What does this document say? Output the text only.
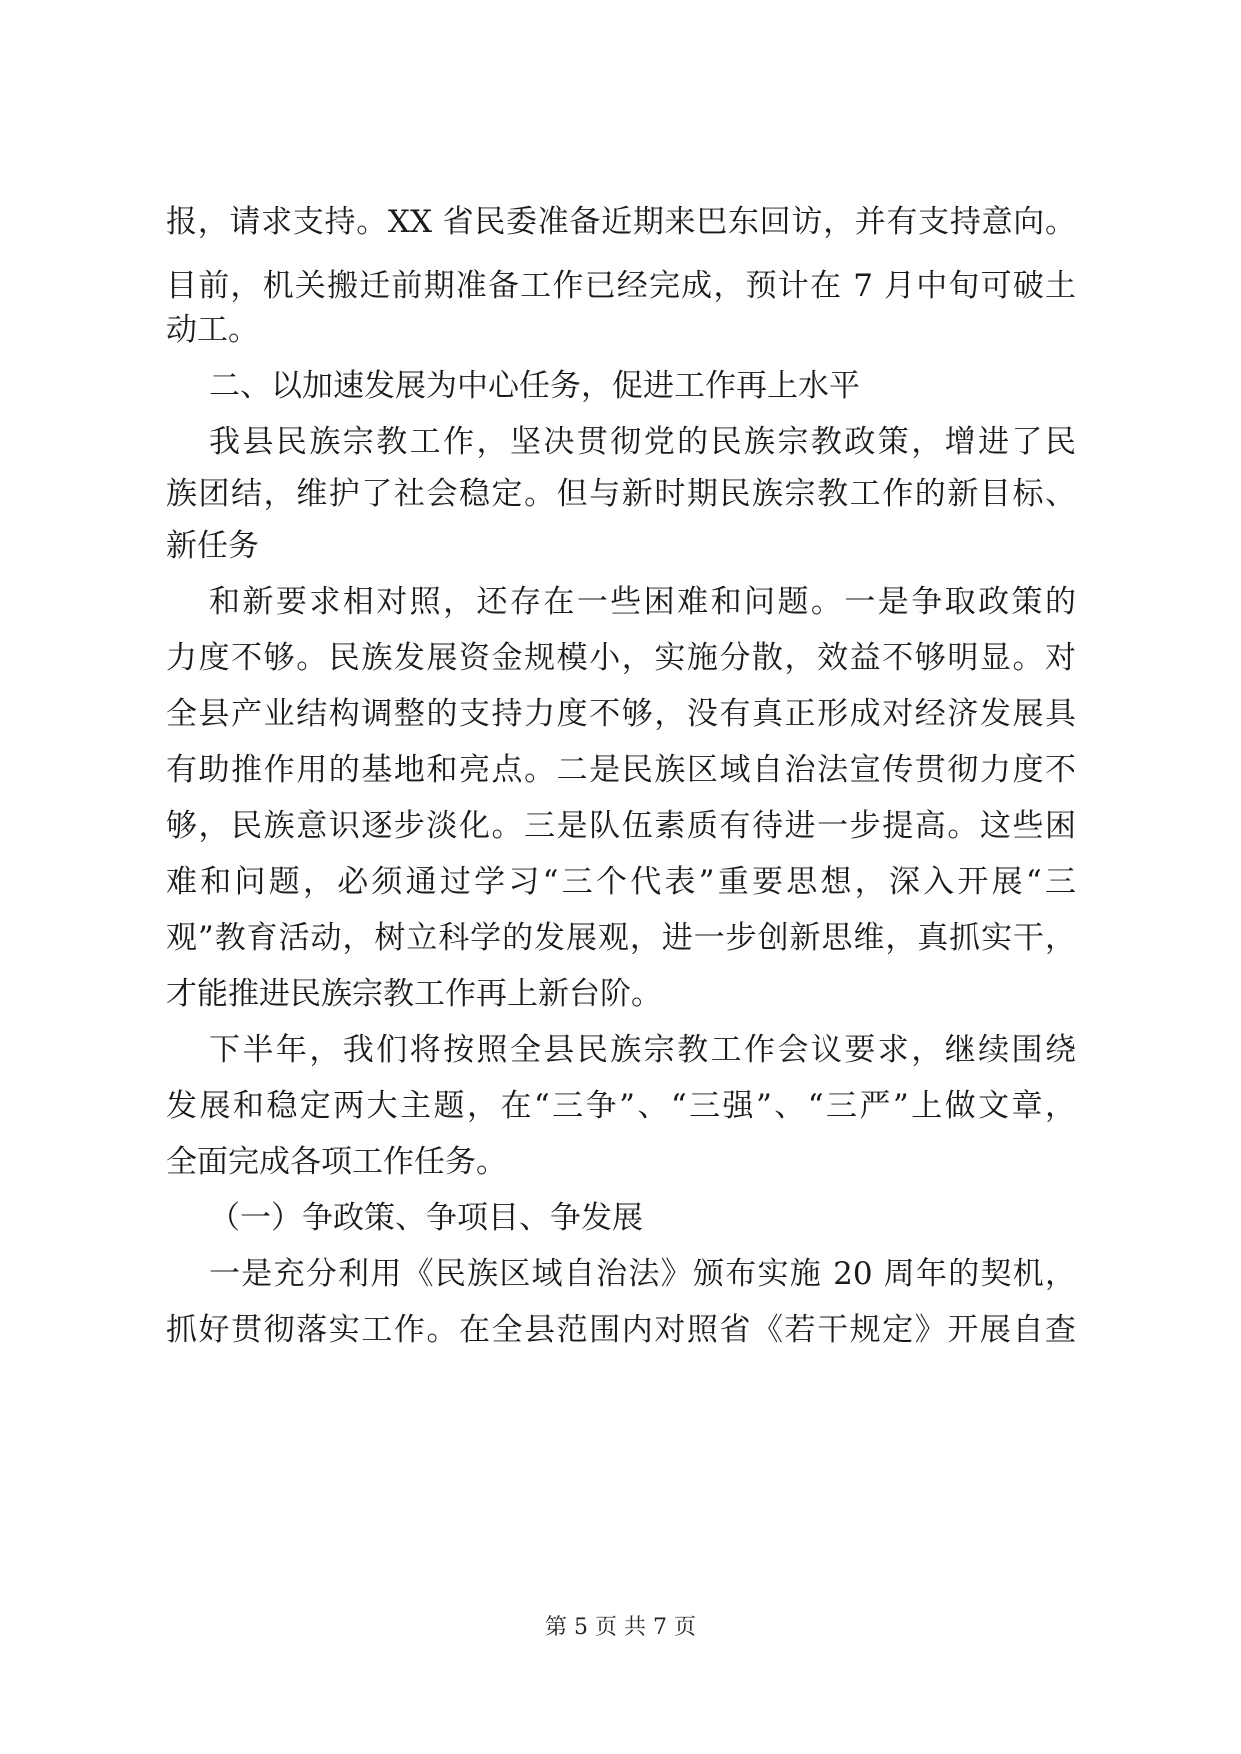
报，请求支持。XX 省民委准备近期来巴东回访，并有支持意向。
目前，机关搬迁前期准备工作已经完成，预计在 7 月中旬可破土
动工。
二、以加速发展为中心任务，促进工作再上水平
我县民族宗教工作，坚决贯彻党的民族宗教政策，增进了民
族团结，维护了社会稳定。但与新时期民族宗教工作的新目标、
新任务
和新要求相对照，还存在一些困难和问题。一是争取政策的
力度不够。民族发展资金规模小，实施分散，效益不够明显。对
全县产业结构调整的支持力度不够，没有真正形成对经济发展具
有助推作用的基地和亮点。二是民族区域自治法宣传贯彻力度不
够，民族意识逐步淡化。三是队伍素质有待进一步提高。这些困
难和问题，必须通过学习“三个代表”重要思想，深入开展“三
观”教育活动，树立科学的发展观，进一步创新思维，真抓实干，
才能推进民族宗教工作再上新台阶。
下半年，我们将按照全县民族宗教工作会议要求，继续围绕
发展和稳定两大主题，在“三争”、“三强”、“三严”上做文章，
全面完成各项工作任务。
（一）争政策、争项目、争发展
一是充分利用《民族区域自治法》颁布实施 20 周年的契机，
抓好贯彻落实工作。在全县范围内对照省《若干规定》开展自查
第 5 页 共 7 页
